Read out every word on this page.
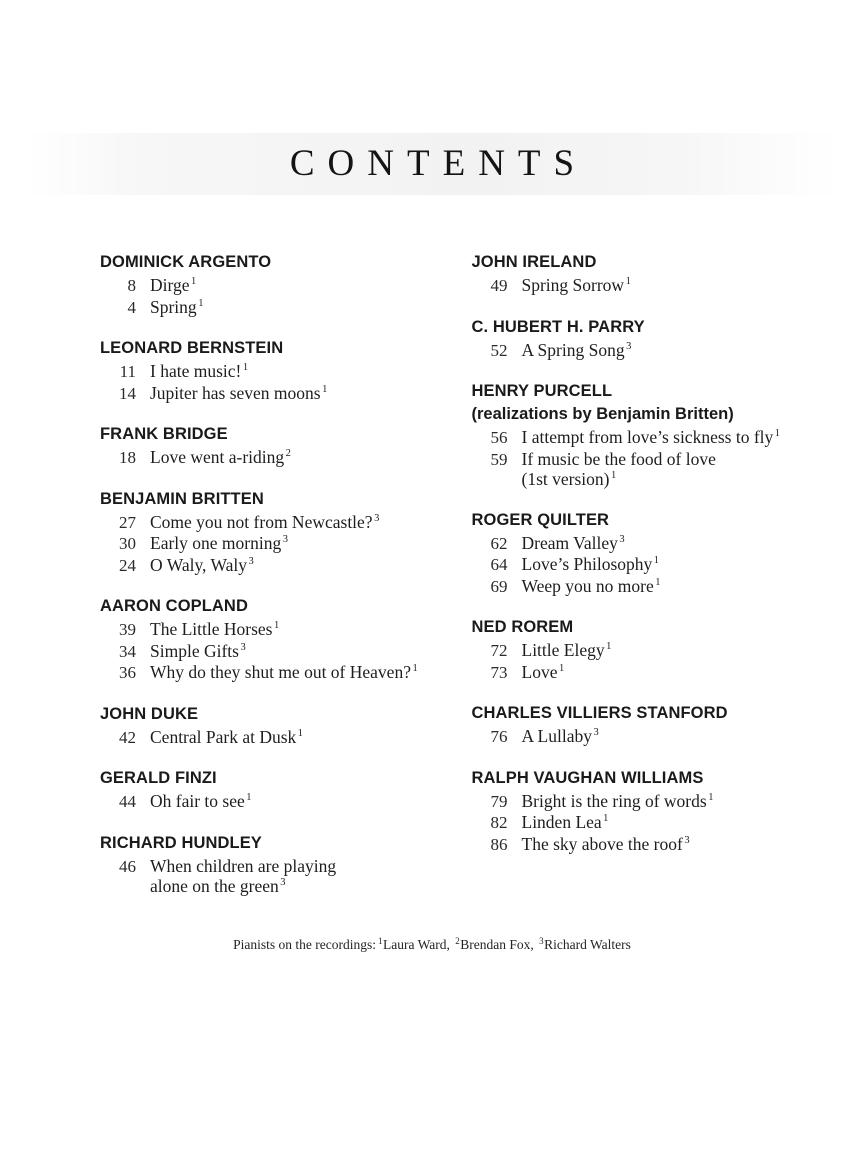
CONTENTS
DOMINICK ARGENTO
8 Dirge $^1$
4 Spring $^1$
LEONARD BERNSTEIN
11 I hate music! $^1$
14 Jupiter has seven moons $^1$
FRANK BRIDGE
18 Love went a-riding $^2$
BENJAMIN BRITTEN
27 Come you not from Newcastle? $^3$
30 Early one morning $^3$
24 O Waly, Waly $^3$
AARON COPLAND
39 The Little Horses $^1$
34 Simple Gifts $^3$
36 Why do they shut me out of Heaven? $^1$
JOHN DUKE
42 Central Park at Dusk $^1$
GERALD FINZI
44 Oh fair to see $^1$
RICHARD HUNDLEY
46 When children are playing
alone on the green $^3$
JOHN IRELAND
49 Spring Sorrow $^1$
C. HUBERT H. PARRY
52 A Spring Song $^3$
HENRY PURCELL
(realizations by Benjamin Britten)
56 I attempt from love’s sickness to fly $^1$
59 If music be the food of love
(1st version) $^1$
ROGER QUILTER
62 Dream Valley $^3$
64 Love’s Philosophy $^1$
69 Weep you no more $^1$
NED ROREM
72 Little Elegy $^1$
73 Love $^1$
CHARLES VILLIERS STANFORD
76 A Lullaby $^3$
RALPH VAUGHAN WILLIAMS
79 Bright is the ring of words $^1$
82 Linden Lea $^1$
86 The sky above the roof $^3$
Pianists on the recordings: $^1$Laura Ward, $^2$Brendan Fox, $^3$Richard Walters
